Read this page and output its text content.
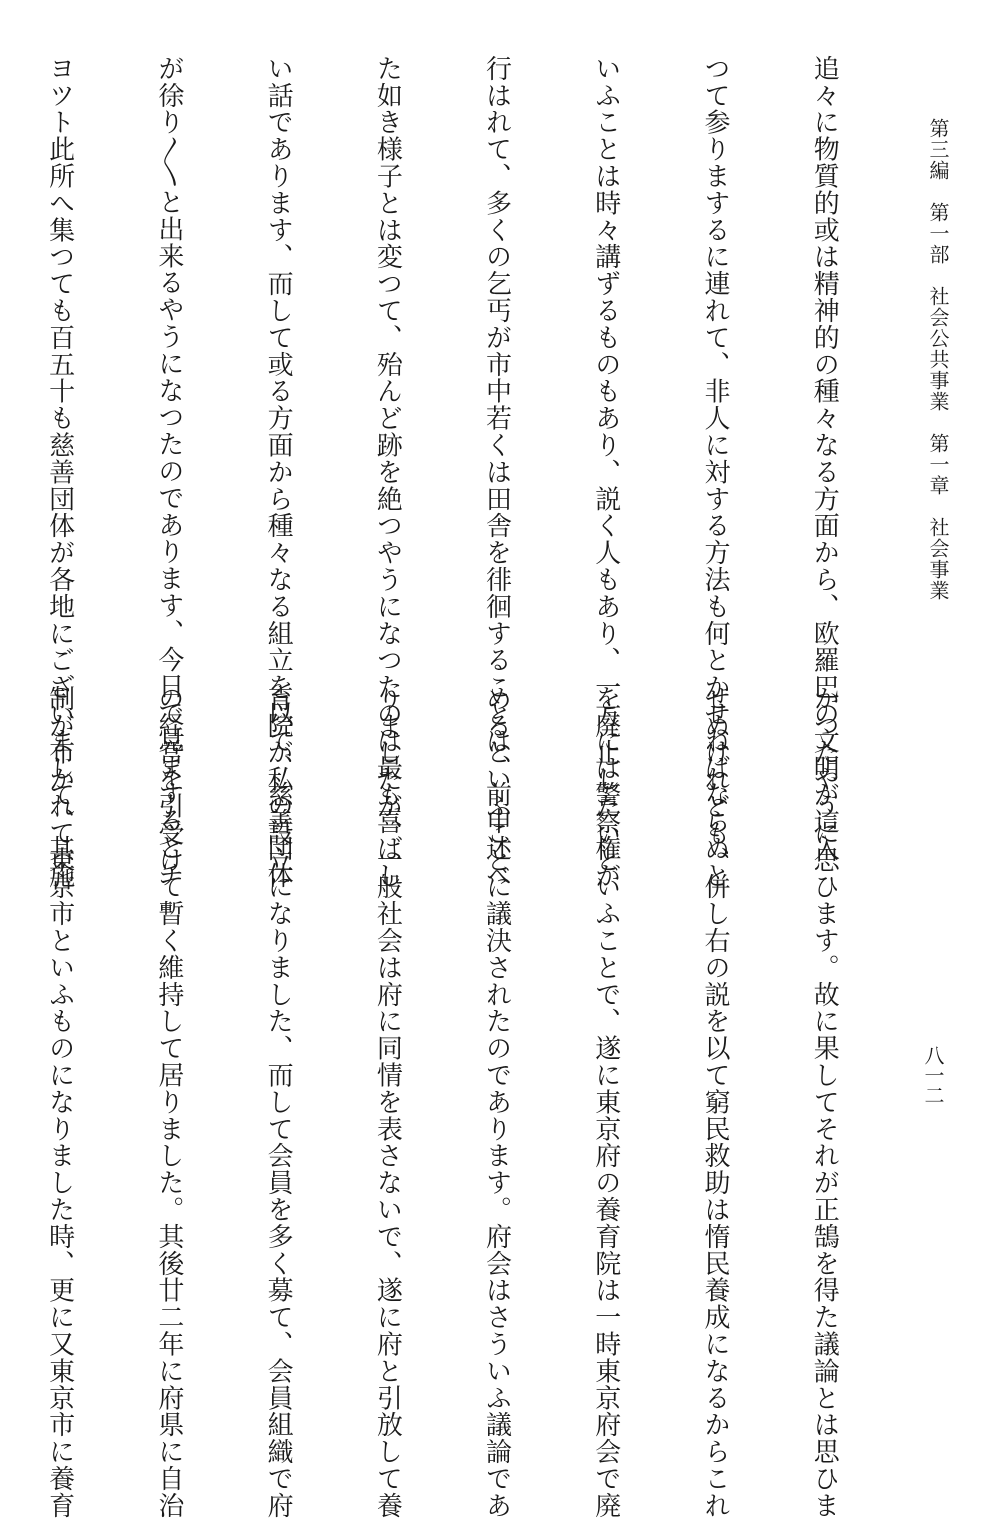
第三編　第一部　社会公共事業　第一章　社会事業
八一二

追々に物質的或は精神的の種々なる方面から、欧羅巴の文明が這入

つて参りまするに連れて、非人に対する方法も何とかせねばならぬと

いふことは時々講ずるものもあり、説く人もあり、一方には警察権が

行はれて、多くの乞丐が市中若くは田舎を徘徊することは、前申述べ

た如き様子とは変つて、殆んど跡を絶つやうになつたのは最も喜ばし

い話であります、而して或る方面から種々なる組立を以て、慈善団体

が徐り〳〵と出来るやうになつたのであります、今日で見まするとチ

ヨツト此所へ集つても百五十も慈善団体が各地にございまして、其施

かつたやうに思ひます。故に果してそれが正鵠を得た議論とは思ひま

せぬけれども、併し右の説を以て窮民救助は惰民養成になるからこれ

を廃止したいといふことで、遂に東京府の養育院は一時東京府会で廃

めるといふことに議決されたのであります。府会はさういふ議論であ

りましたが、一般社会は府に同情を表さないで、遂に府と引放して養

育院が私の設立になりました、而して会員を多く募て、会員組織で府

の経営を引受けて暫く維持して居りました。其後廿二年に府県に自治

制が布かれて東京市といふものになりました時、更に又東京市に養育
